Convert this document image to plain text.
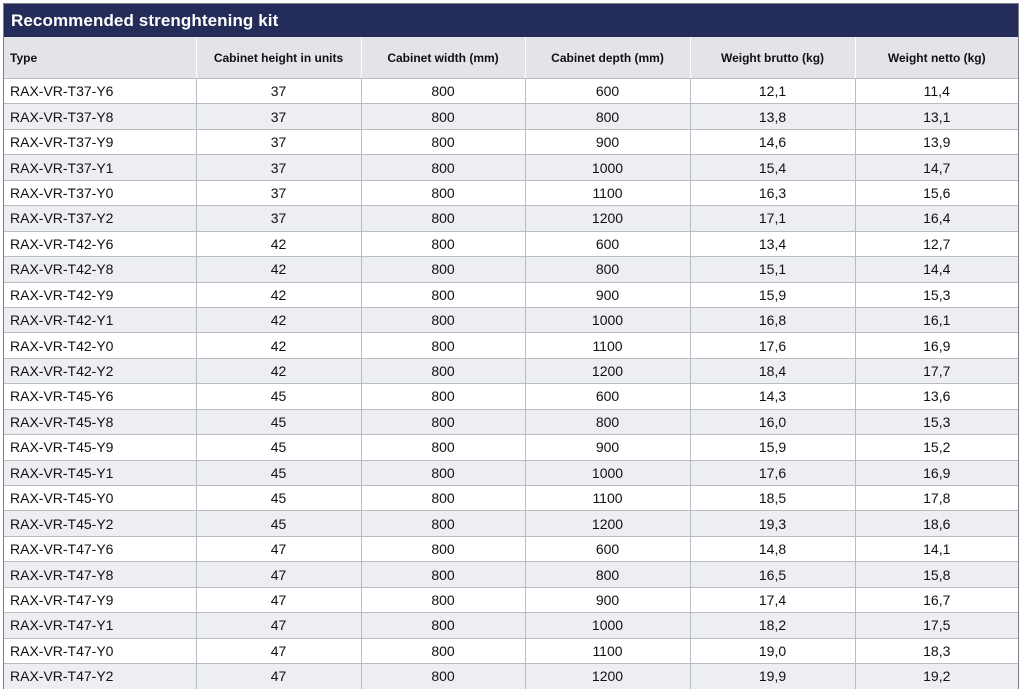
Recommended strenghtening kit
Type	Cabinet height in units	Cabinet width (mm)	Cabinet depth (mm)	Weight brutto (kg)	Weight netto (kg)
RAX-VR-T37-Y6	37	800	600	12,1	11,4
RAX-VR-T37-Y8	37	800	800	13,8	13,1
RAX-VR-T37-Y9	37	800	900	14,6	13,9
RAX-VR-T37-Y1	37	800	1000	15,4	14,7
RAX-VR-T37-Y0	37	800	1100	16,3	15,6
RAX-VR-T37-Y2	37	800	1200	17,1	16,4
RAX-VR-T42-Y6	42	800	600	13,4	12,7
RAX-VR-T42-Y8	42	800	800	15,1	14,4
RAX-VR-T42-Y9	42	800	900	15,9	15,3
RAX-VR-T42-Y1	42	800	1000	16,8	16,1
RAX-VR-T42-Y0	42	800	1100	17,6	16,9
RAX-VR-T42-Y2	42	800	1200	18,4	17,7
RAX-VR-T45-Y6	45	800	600	14,3	13,6
RAX-VR-T45-Y8	45	800	800	16,0	15,3
RAX-VR-T45-Y9	45	800	900	15,9	15,2
RAX-VR-T45-Y1	45	800	1000	17,6	16,9
RAX-VR-T45-Y0	45	800	1100	18,5	17,8
RAX-VR-T45-Y2	45	800	1200	19,3	18,6
RAX-VR-T47-Y6	47	800	600	14,8	14,1
RAX-VR-T47-Y8	47	800	800	16,5	15,8
RAX-VR-T47-Y9	47	800	900	17,4	16,7
RAX-VR-T47-Y1	47	800	1000	18,2	17,5
RAX-VR-T47-Y0	47	800	1100	19,0	18,3
RAX-VR-T47-Y2	47	800	1200	19,9	19,2
